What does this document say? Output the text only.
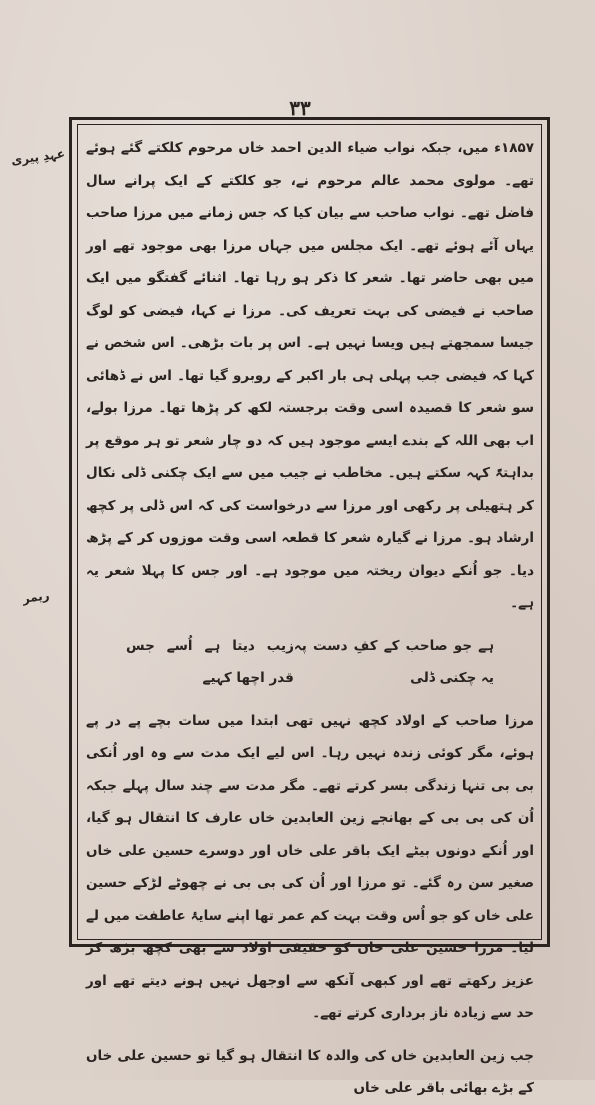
۳۳
عہدِ پیری
ریمر

۱۸۵۷ء میں، جبکہ نواب ضیاء الدین احمد خاں مرحوم کلکتے گئے ہوئے تھے۔ مولوی محمد عالم مرحوم نے، جو کلکتے کے ایک پرانے سال فاضل تھے۔ نواب صاحب سے بیان کیا کہ جس زمانے میں مرزا صاحب یہاں آئے ہوئے تھے۔ ایک مجلس میں جہاں مرزا بھی موجود تھے اور میں بھی حاضر تھا۔ شعر کا ذکر ہو رہا تھا۔ اثنائے گفتگو میں ایک صاحب نے فیضی کی بہت تعریف کی۔ مرزا نے کہا، فیضی کو لوگ جیسا سمجھتے ہیں ویسا نہیں ہے۔ اس پر بات بڑھی۔ اس شخص نے کہا کہ فیضی جب پہلی ہی بار اکبر کے روبرو گیا تھا۔ اس نے ڈھائی سو شعر کا قصیدہ اسی وقت برجستہ لکھ کر پڑھا تھا۔ مرزا بولے، اب بھی اللہ کے بندے ایسے موجود ہیں کہ دو چار شعر تو ہر موقع پر بداہتہً کہہ سکتے ہیں۔ مخاطب نے جیب میں سے ایک چکنی ڈلی نکال کر ہتھیلی پر رکھی اور مرزا سے درخواست کی کہ اس ڈلی پر کچھ ارشاد ہو۔ مرزا نے گیارہ شعر کا قطعہ اسی وقت موزوں کر کے پڑھ دیا۔ جو اُنکے دیوان ریختہ میں موجود ہے۔ اور جس کا پہلا شعر یہ ہے۔

ہے جو صاحب کے کفِ دست پہ یہ چکنی ڈلی
زیب دیتا ہے اُسے جس قدر اچھا کہیے

مرزا صاحب کے اولاد کچھ نہیں تھی ابتدا میں سات بچے پے در پے ہوئے، مگر کوئی زندہ نہیں رہا۔ اس لیے ایک مدت سے وہ اور اُنکی بی بی تنہا زندگی بسر کرتے تھے۔ مگر مدت سے چند سال پہلے جبکہ اُن کی بی بی کے بھانجے زین العابدین خاں عارف کا انتقال ہو گیا، اور اُنکے دونوں بیٹے ایک باقر علی خاں اور دوسرے حسین علی خاں صغیر سن رہ گئے۔ تو مرزا اور اُن کی بی بی نے چھوٹے لڑکے حسین علی خاں کو جو اُس وقت بہت کم عمر تھا اپنے سایۂ عاطفت میں لے لیا۔ مرزا حسین علی خاں کو حقیقی اولاد سے بھی کچھ بڑھ کر عزیز رکھتے تھے اور کبھی آنکھ سے اوجھل نہیں ہونے دیتے تھے اور حد سے زیادہ ناز برداری کرتے تھے۔

جب زین العابدین خاں کی والدہ کا انتقال ہو گیا تو حسین علی خاں کے بڑے بھائی باقر علی خاں
